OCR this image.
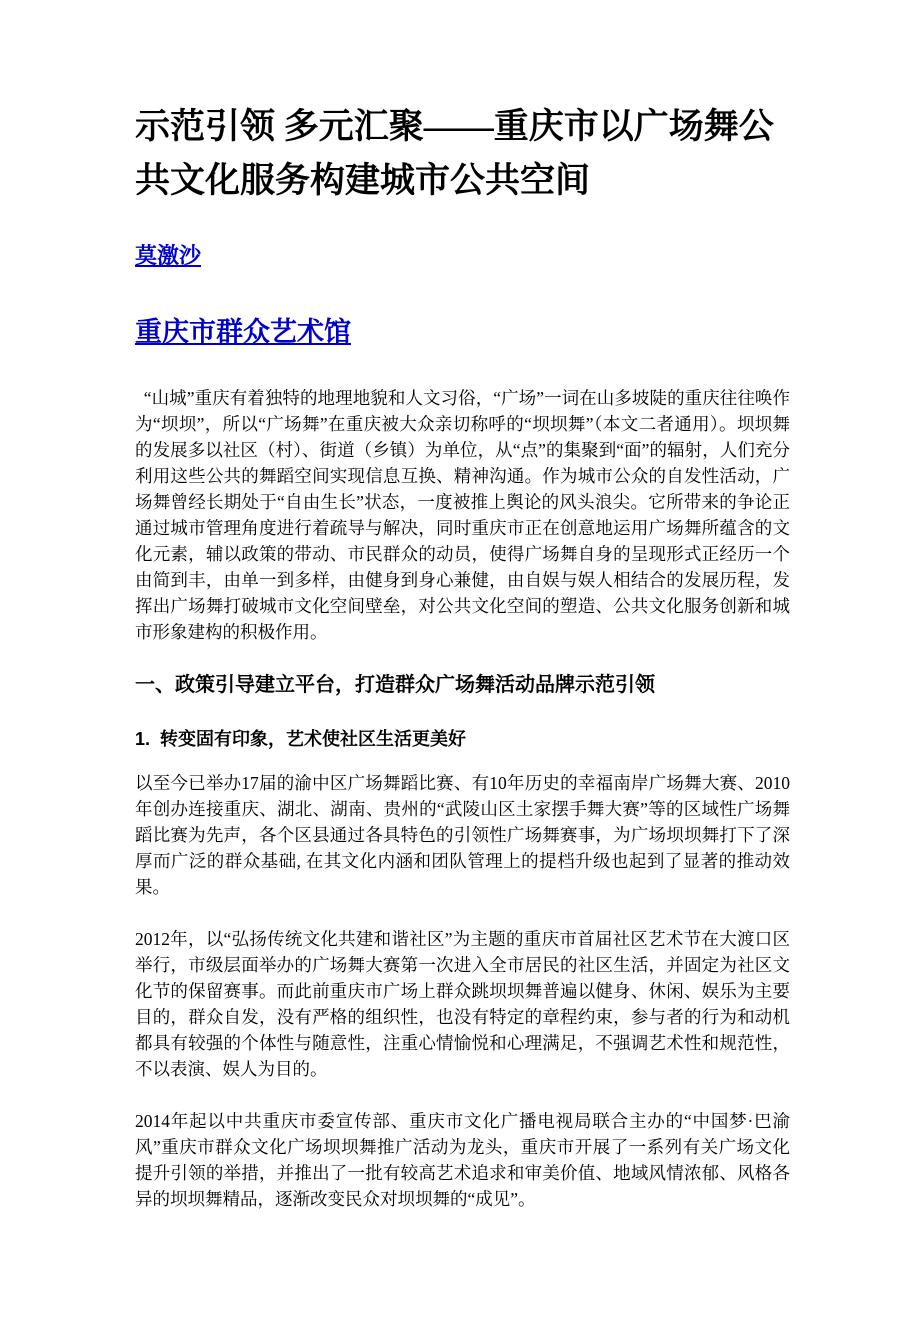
示范引领 多元汇聚——重庆市以广场舞公共文化服务构建城市公共空间

莫激沙

重庆市群众艺术馆

“山城”重庆有着独特的地理地貌和人文习俗，“广场”一词在山多坡陡的重庆往往唤作为“坝坝”，所以“广场舞”在重庆被大众亲切称呼的“坝坝舞”（本文二者通用）。坝坝舞的发展多以社区（村）、街道（乡镇）为单位，从“点”的集聚到“面”的辐射，人们充分利用这些公共的舞蹈空间实现信息互换、精神沟通。作为城市公众的自发性活动，广场舞曾经长期处于“自由生长”状态，一度被推上舆论的风头浪尖。它所带来的争论正通过城市管理角度进行着疏导与解决，同时重庆市正在创意地运用广场舞所蕴含的文化元素，辅以政策的带动、市民群众的动员，使得广场舞自身的呈现形式正经历一个由简到丰，由单一到多样，由健身到身心兼健，由自娱与娱人相结合的发展历程，发挥出广场舞打破城市文化空间壁垒，对公共文化空间的塑造、公共文化服务创新和城市形象建构的积极作用。

一、政策引导建立平台，打造群众广场舞活动品牌示范引领
1.  转变固有印象，艺术使社区生活更美好

以至今已举办17届的渝中区广场舞蹈比赛、有10年历史的幸福南岸广场舞大赛、2010年创办连接重庆、湖北、湖南、贵州的“武陵山区土家摆手舞大赛”等的区域性广场舞蹈比赛为先声，各个区县通过各具特色的引领性广场舞赛事，为广场坝坝舞打下了深厚而广泛的群众基础, 在其文化内涵和团队管理上的提档升级也起到了显著的推动效果。

2012年，以“弘扬传统文化共建和谐社区”为主题的重庆市首届社区艺术节在大渡口区举行，市级层面举办的广场舞大赛第一次进入全市居民的社区生活，并固定为社区文化节的保留赛事。而此前重庆市广场上群众跳坝坝舞普遍以健身、休闲、娱乐为主要目的，群众自发，没有严格的组织性，也没有特定的章程约束，参与者的行为和动机都具有较强的个体性与随意性，注重心情愉悦和心理满足，不强调艺术性和规范性，不以表演、娱人为目的。

2014年起以中共重庆市委宣传部、重庆市文化广播电视局联合主办的“中国梦·巴渝风”重庆市群众文化广场坝坝舞推广活动为龙头，重庆市开展了一系列有关广场文化提升引领的举措，并推出了一批有较高艺术追求和审美价值、地域风情浓郁、风格各异的坝坝舞精品，逐渐改变民众对坝坝舞的“成见”。
